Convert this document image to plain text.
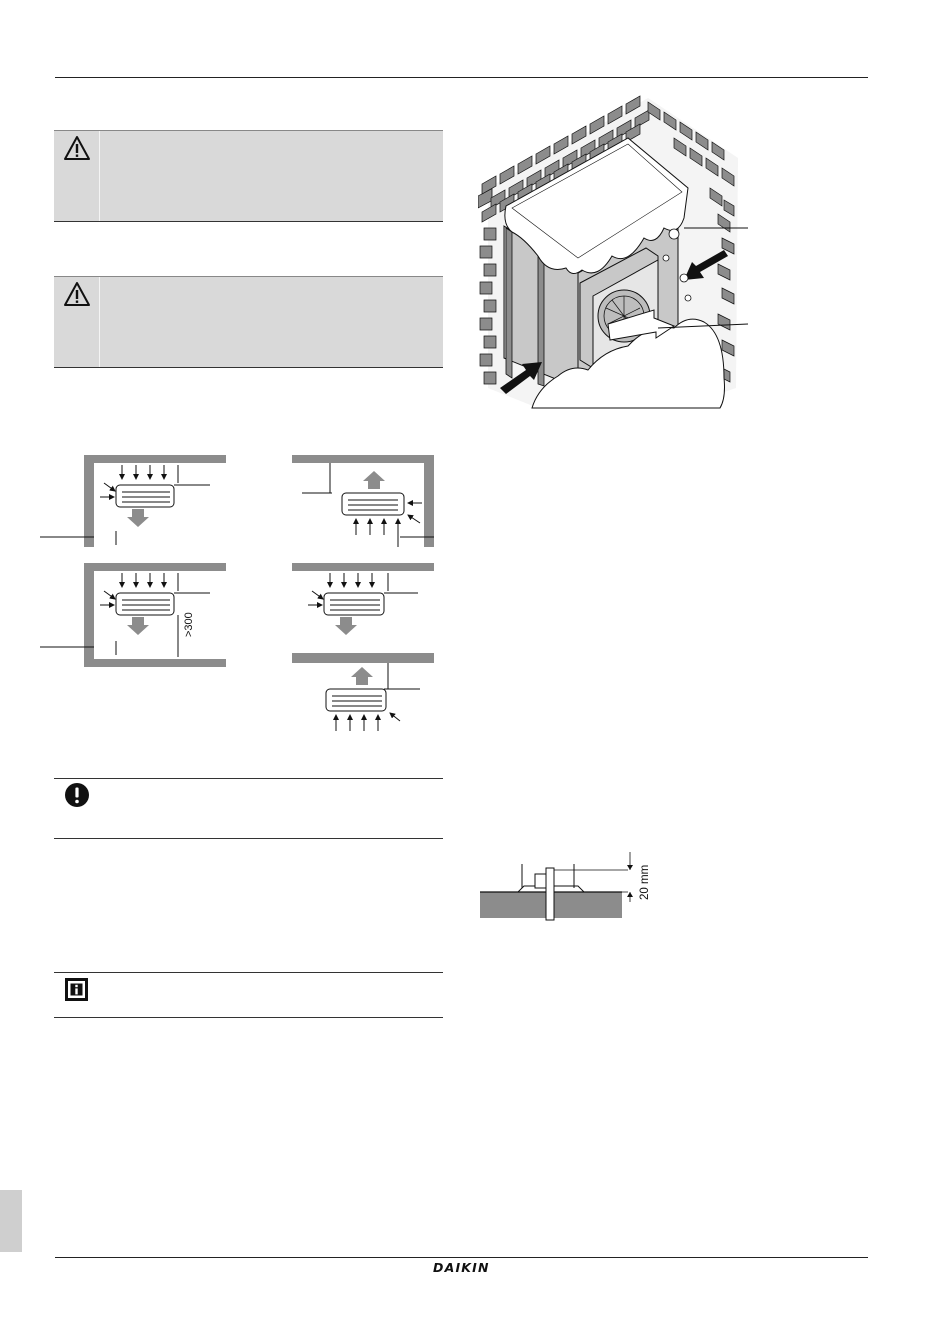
>300
20 mm
DAIKIN
